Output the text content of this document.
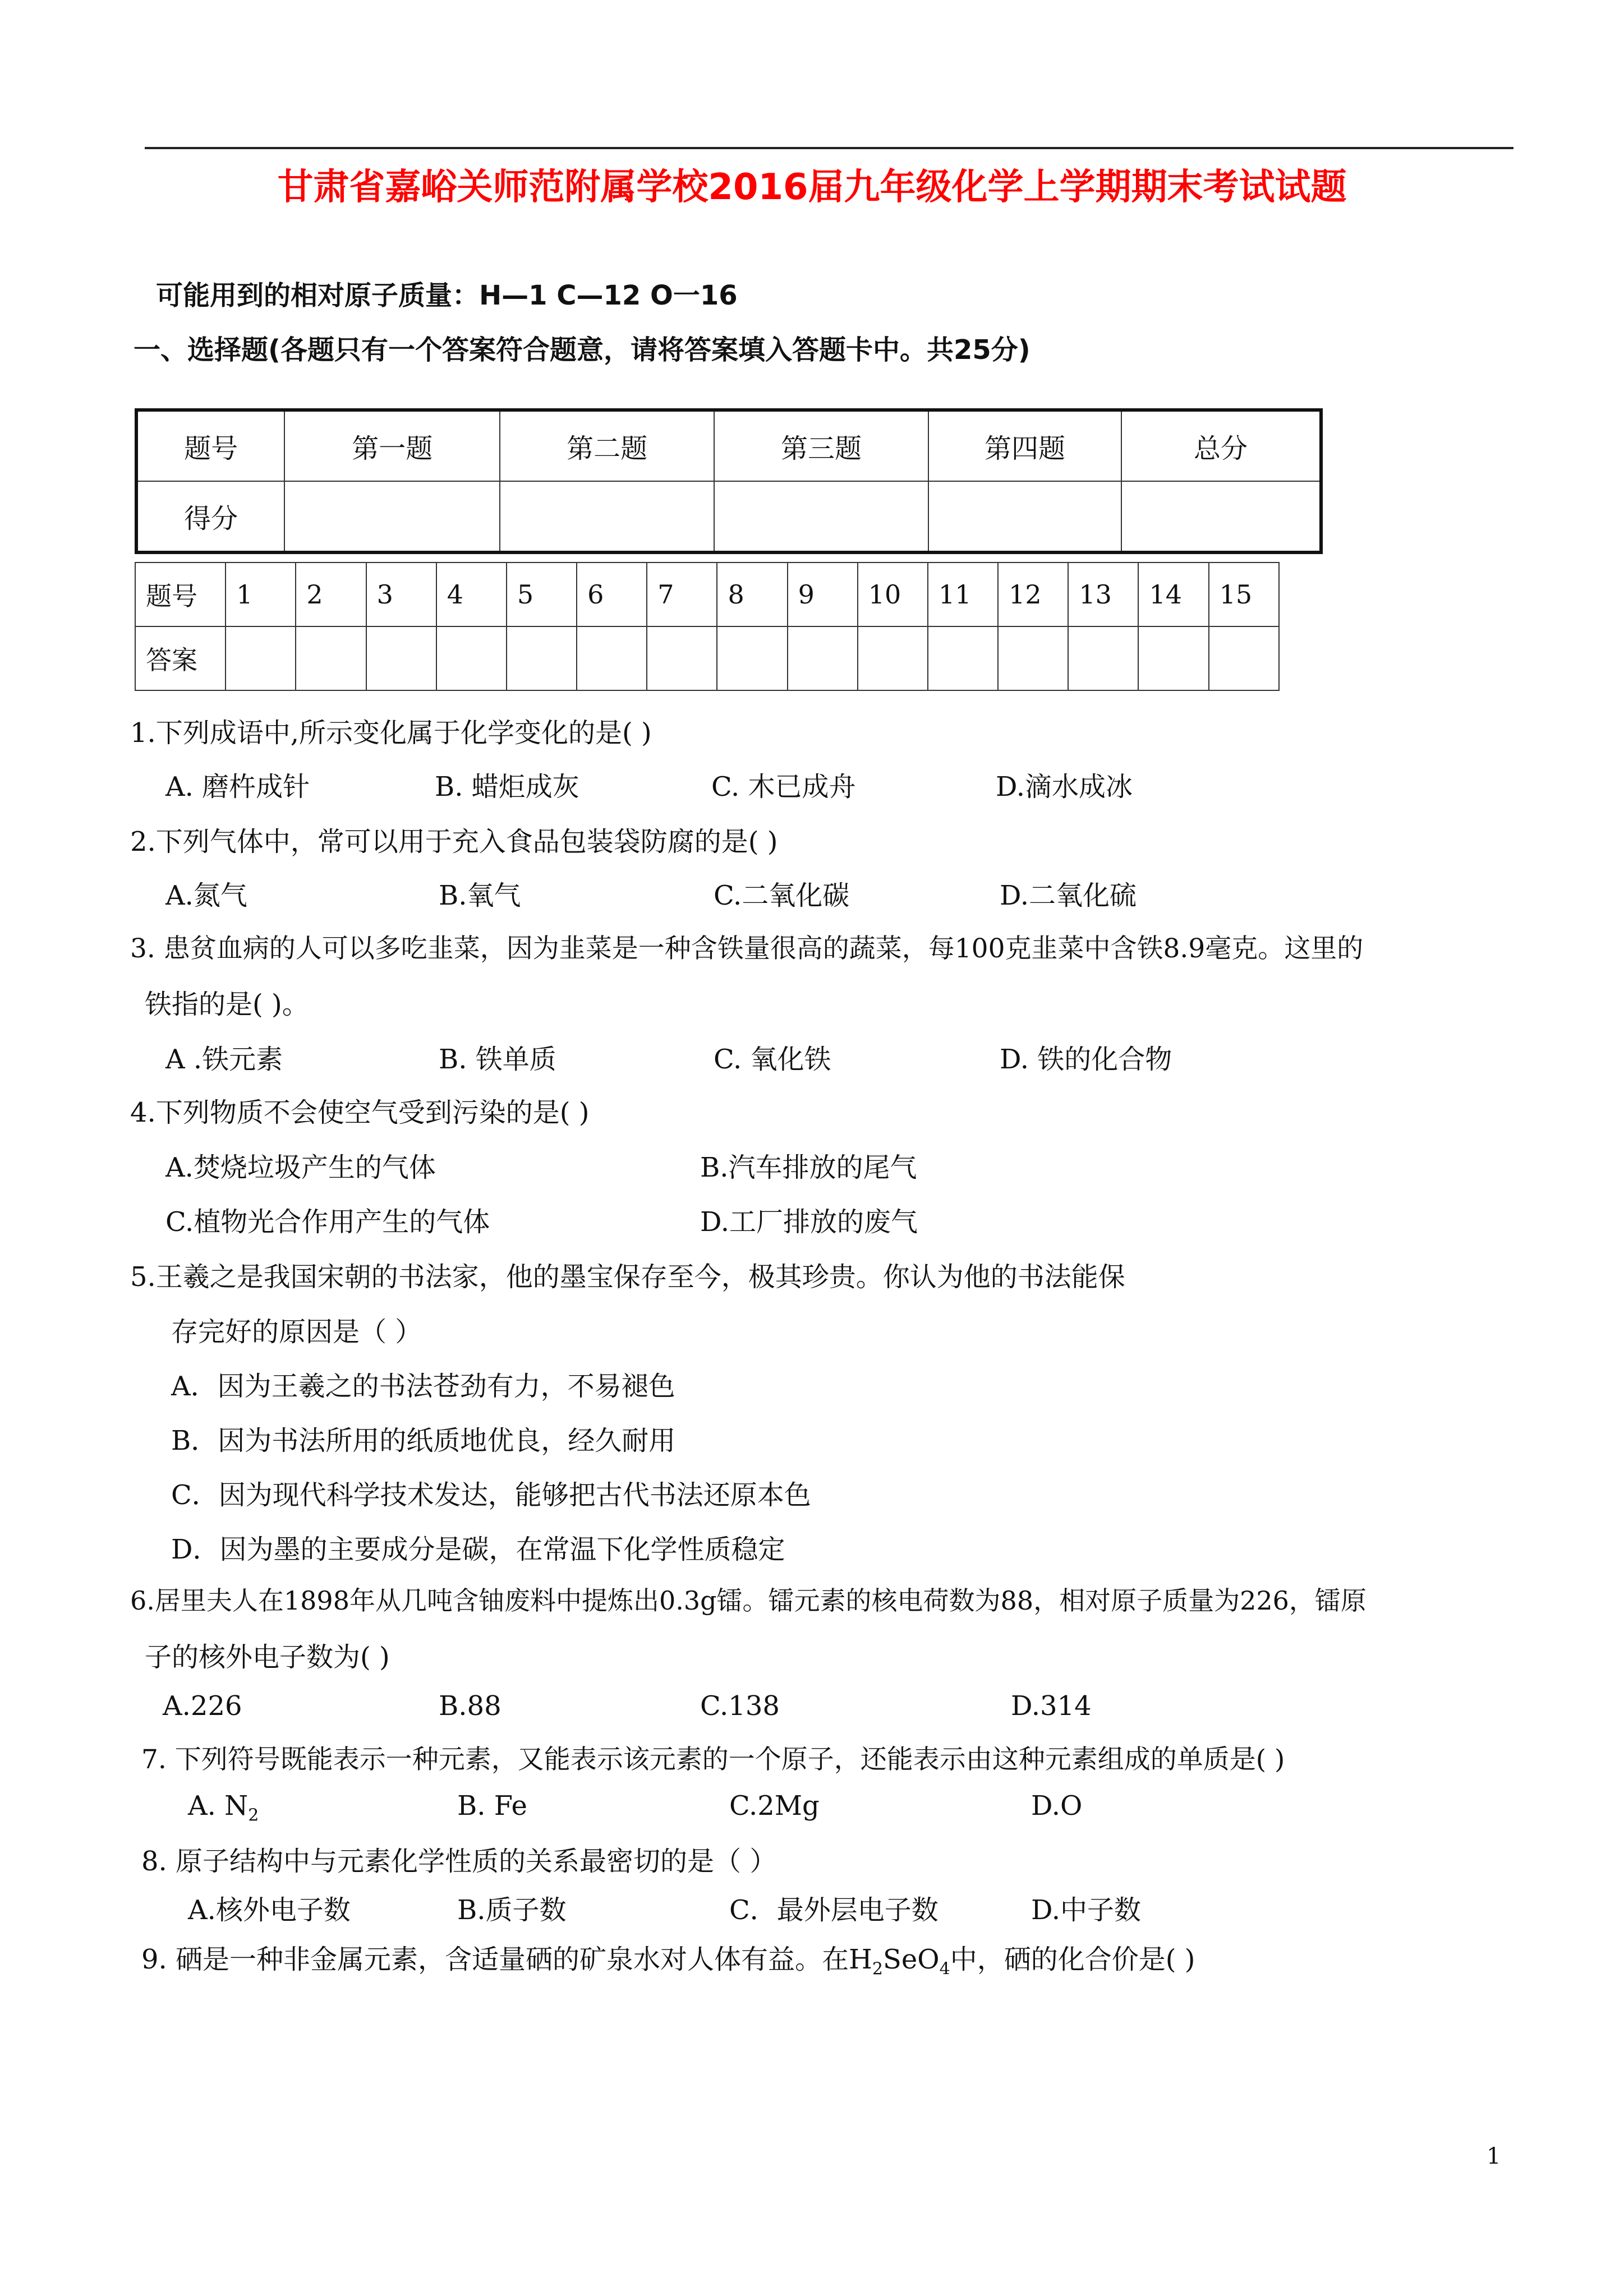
甘肃省嘉峪关师范附属学校2016届九年级化学上学期期末考试试题
可能用到的相对原子质量：H—1 C—12 O一16
一、选择题(各题只有一个答案符合题意，请将答案填入答题卡中。共25分)
题号	第一题	第二题	第三题	第四题	总分
得分					
题号	1	2	3	4	5	6	7	8	9	10	11	12	13	14	15
答案															
1.下列成语中,所示变化属于化学变化的是( )
A. 磨杵成针	B. 蜡炬成灰	C. 木已成舟	D.滴水成冰
2.下列气体中，常可以用于充入食品包装袋防腐的是( )
A.氮气	B.氧气	C.二氧化碳	D.二氧化硫
3. 患贫血病的人可以多吃韭菜，因为韭菜是一种含铁量很高的蔬菜，每100克韭菜中含铁8.9毫克。这里的
铁指的是( )。
A .铁元素	B. 铁单质	C. 氧化铁	D. 铁的化合物
4.下列物质不会使空气受到污染的是( )
A.焚烧垃圾产生的气体	B.汽车排放的尾气
C.植物光合作用产生的气体	D.工厂排放的废气
5.王羲之是我国宋朝的书法家，他的墨宝保存至今，极其珍贵。你认为他的书法能保
存完好的原因是（ ）
A．因为王羲之的书法苍劲有力，不易褪色
B．因为书法所用的纸质地优良，经久耐用
C．因为现代科学技术发达，能够把古代书法还原本色
D．因为墨的主要成分是碳，在常温下化学性质稳定
6.居里夫人在1898年从几吨含铀废料中提炼出0.3g镭。镭元素的核电荷数为88，相对原子质量为226，镭原
子的核外电子数为( )
A.226	B.88	C.138	D.314
7. 下列符号既能表示一种元素，又能表示该元素的一个原子，还能表示由这种元素组成的单质是( )
A. $N_2$	B. Fe	C.2Mg	D.O
8. 原子结构中与元素化学性质的关系最密切的是（ ）
A.核外电子数	B.质子数	C．最外层电子数	D.中子数
9. 硒是一种非金属元素，含适量硒的矿泉水对人体有益。在$H_2SeO_4$中，硒的化合价是( )
1
